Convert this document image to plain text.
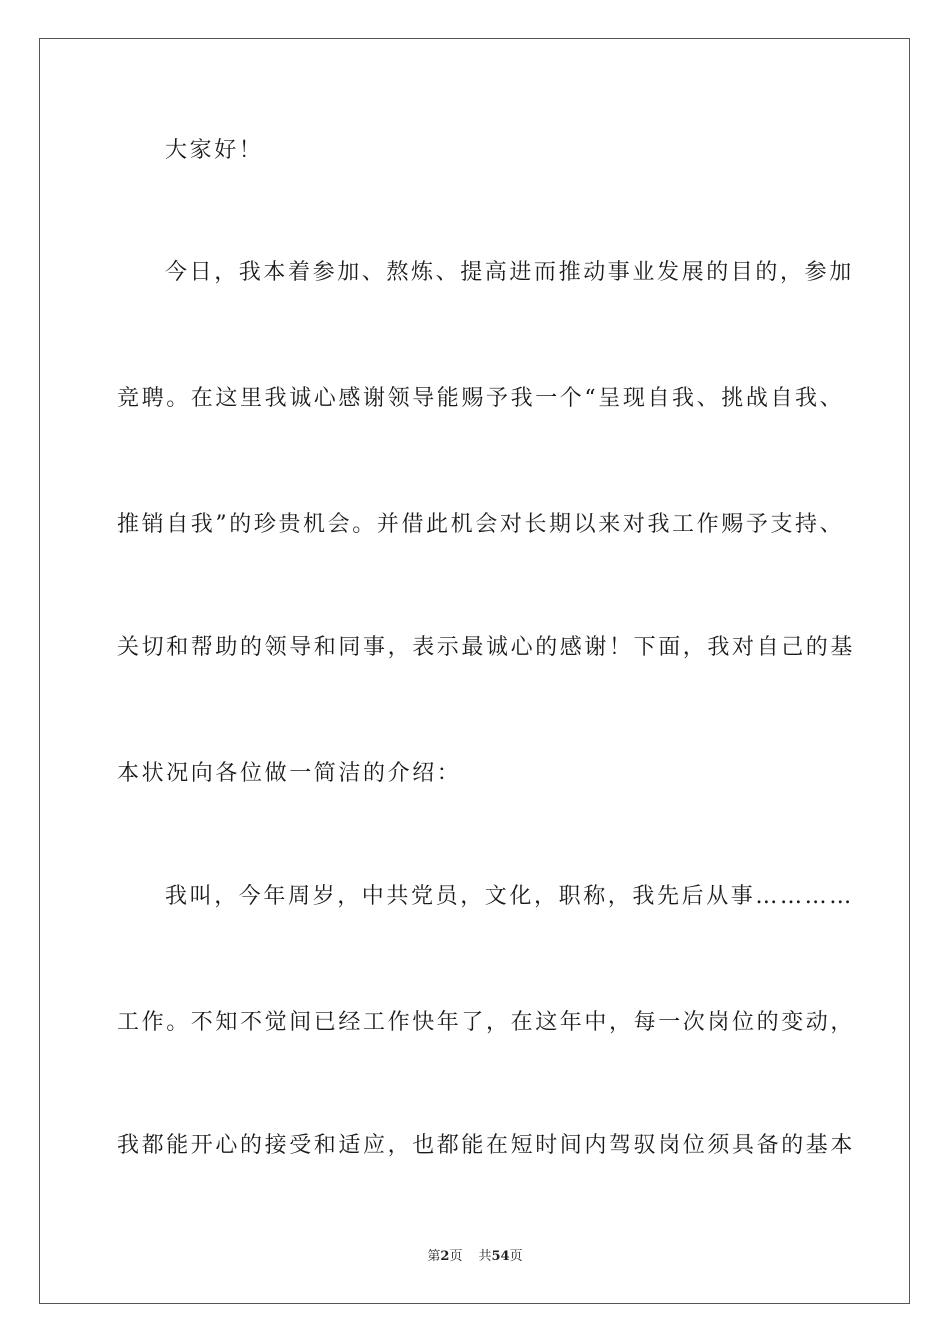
大家好！
今日，我本着参加、熬炼、提高进而推动事业发展的目的，参加
竞聘。在这里我诚心感谢领导能赐予我一个“呈现自我、挑战自我、
推销自我”的珍贵机会。并借此机会对长期以来对我工作赐予支持、
关切和帮助的领导和同事，表示最诚心的感谢！下面，我对自己的基
本状况向各位做一简洁的介绍：
我叫，今年周岁，中共党员，文化，职称，我先后从事…………
工作。不知不觉间已经工作快年了，在这年中，每一次岗位的变动，
我都能开心的接受和适应，也都能在短时间内驾驭岗位须具备的基本
第2页 共54页
